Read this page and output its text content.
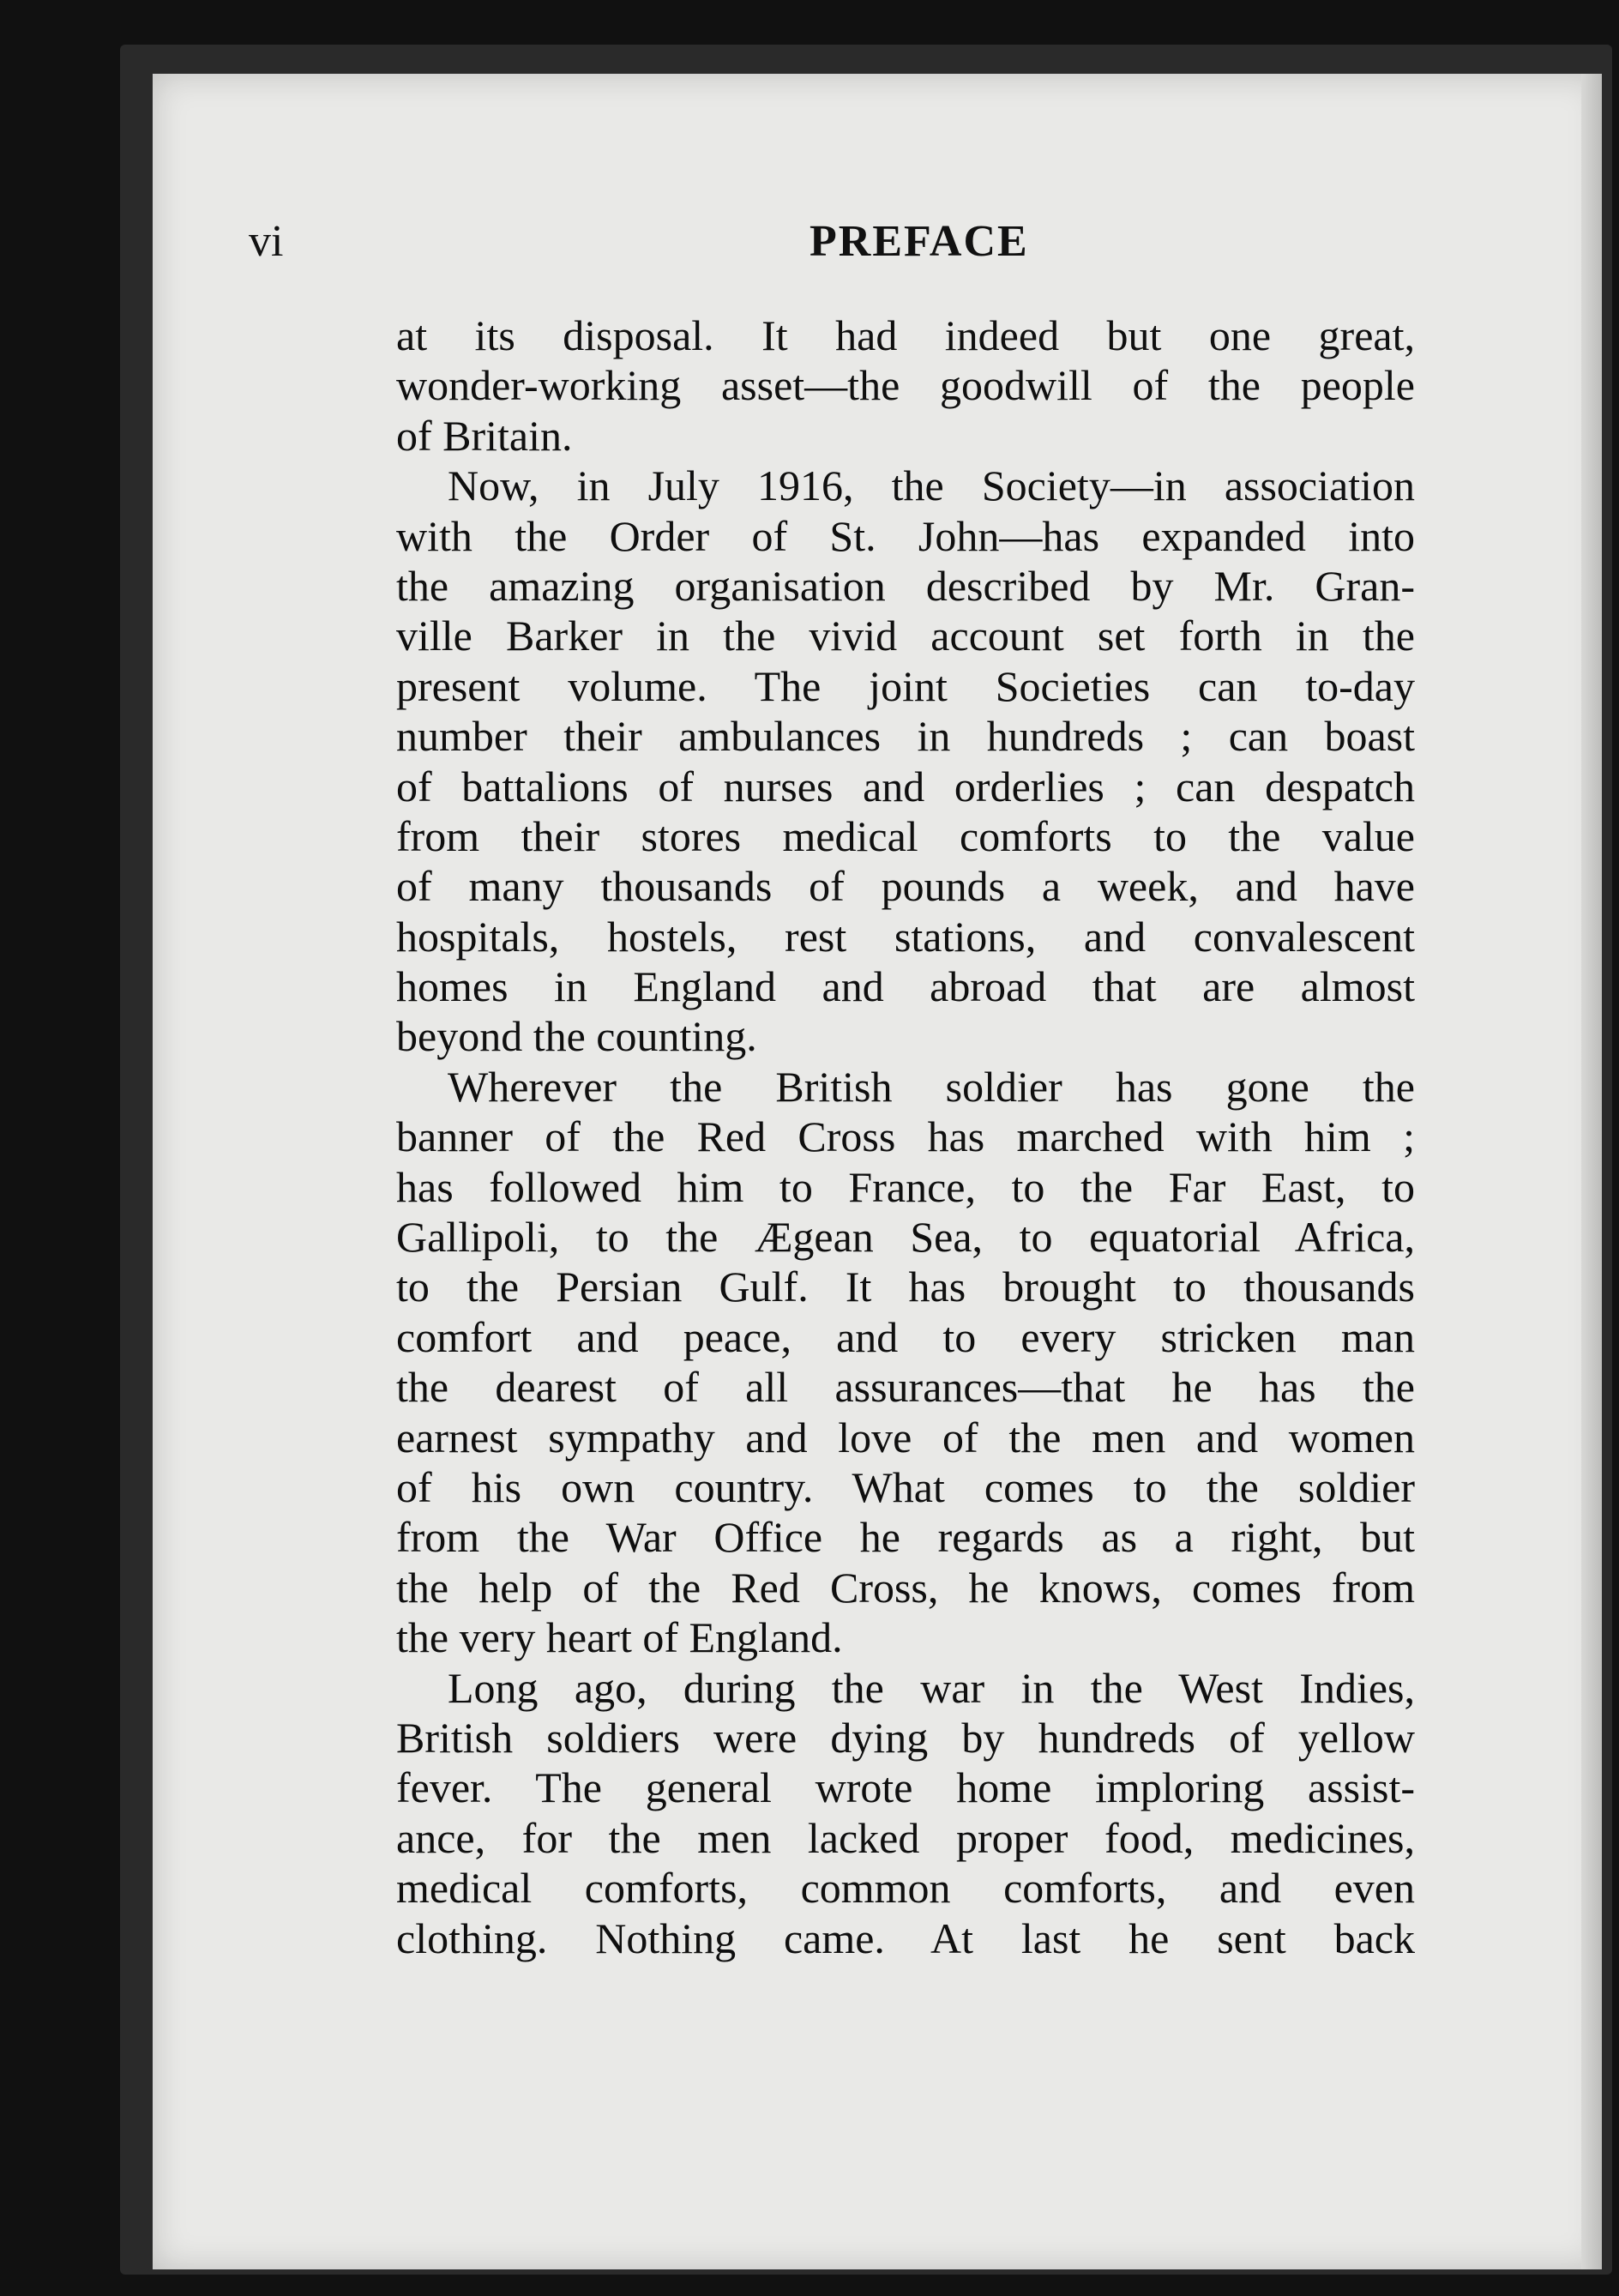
vi	PREFACE
at its disposal. It had indeed but one great,
wonder-working asset—the goodwill of the people
of Britain.
Now, in July 1916, the Society—in association
with the Order of St. John—has expanded into
the amazing organisation described by Mr. Gran-
ville Barker in the vivid account set forth in the
present volume. The joint Societies can to-day
number their ambulances in hundreds ; can boast
of battalions of nurses and orderlies ; can despatch
from their stores medical comforts to the value
of many thousands of pounds a week, and have
hospitals, hostels, rest stations, and convalescent
homes in England and abroad that are almost
beyond the counting.
Wherever the British soldier has gone the
banner of the Red Cross has marched with him ;
has followed him to France, to the Far East, to
Gallipoli, to the Ægean Sea, to equatorial Africa,
to the Persian Gulf. It has brought to thousands
comfort and peace, and to every stricken man
the dearest of all assurances—that he has the
earnest sympathy and love of the men and women
of his own country. What comes to the soldier
from the War Office he regards as a right, but
the help of the Red Cross, he knows, comes from
the very heart of England.
Long ago, during the war in the West Indies,
British soldiers were dying by hundreds of yellow
fever. The general wrote home imploring assist-
ance, for the men lacked proper food, medicines,
medical comforts, common comforts, and even
clothing. Nothing came. At last he sent back
